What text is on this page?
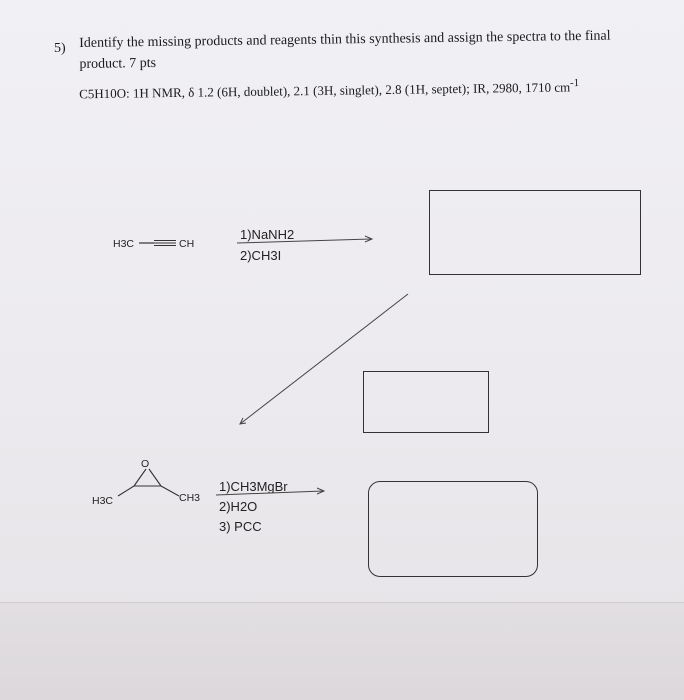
5) Identify the missing products and reagents thin this synthesis and assign the spectra to the final
product. 7 pts
C5H10O: 1H NMR, δ 1.2 (6H, doublet), 2.1 (3H, singlet), 2.8 (1H, septet); IR, 2980, 1710 $cm^{-1}$
H3C	CH
1)NaNH2
2)CH3I
O
H3C	CH3
1)CH3MgBr
2)H2O
3) PCC
